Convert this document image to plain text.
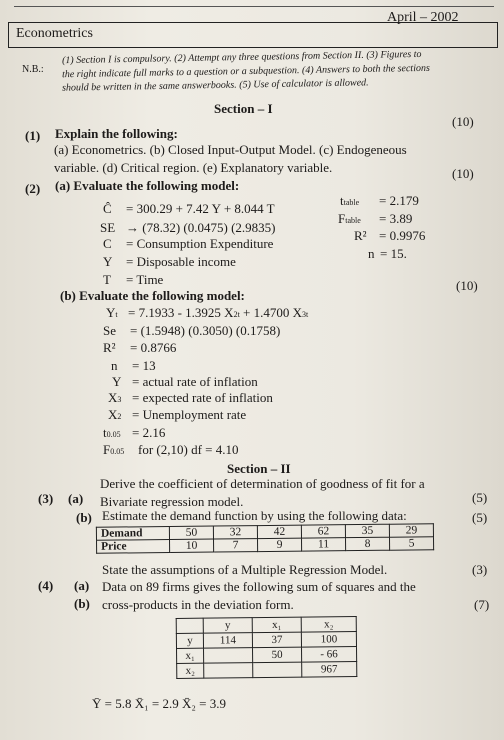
Econometrics
April – 2002
N.B.:
(1) Section I is compulsory. (2) Attempt any three questions from Section II. (3) Figures to
the right indicate full marks to a question or a subquestion. (4) Answers to both the sections
should be written in the same answerbooks. (5) Use of calculator is allowed.
Section – I
(10)
(1) Explain the following:
(a) Econometrics. (b) Closed Input-Output Model. (c) Endogeneous
variable. (d) Critical region. (e) Explanatory variable.	(10)
(2) (a) Evaluate the following model:
Ĉ = 300.29 + 7.42 Y + 8.044 T
SE → (78.32) (0.0475) (2.9835)
C = Consumption Expenditure
Y = Disposable income
T = Time
ttable = 2.179
Ftable = 3.89
R² = 0.9976
n = 15.
(10)
(b) Evaluate the following model:
Yt = 7.1933 - 1.3925 X2t + 1.4700 X3t
Se = (1.5948) (0.3050) (0.1758)
R² = 0.8766
n = 13
Y = actual rate of inflation
X3 = expected rate of inflation
X2 = Unemployment rate
t0.05 = 2.16
F0.05 for (2,10) df = 4.10
Section – II
(3) (a)
Derive the coefficient of determination of goodness of fit for a
Bivariate regression model.	(5)
(b) Estimate the demand function by using the following data:	(5)
Demand	50	32	42	62	35	29
Price	10	7	9	11	8	5
(4) (a)
State the assumptions of a Multiple Regression Model.	(3)
(b)
Data on 89 firms gives the following sum of squares and the
cross-products in the deviation form.	(7)
	y	x₁	x₂
y	114	37	100
x₁		50	- 66
x₂			967
Ȳ = 5.8 X̄₁ = 2.9 X̄₂ = 3.9
